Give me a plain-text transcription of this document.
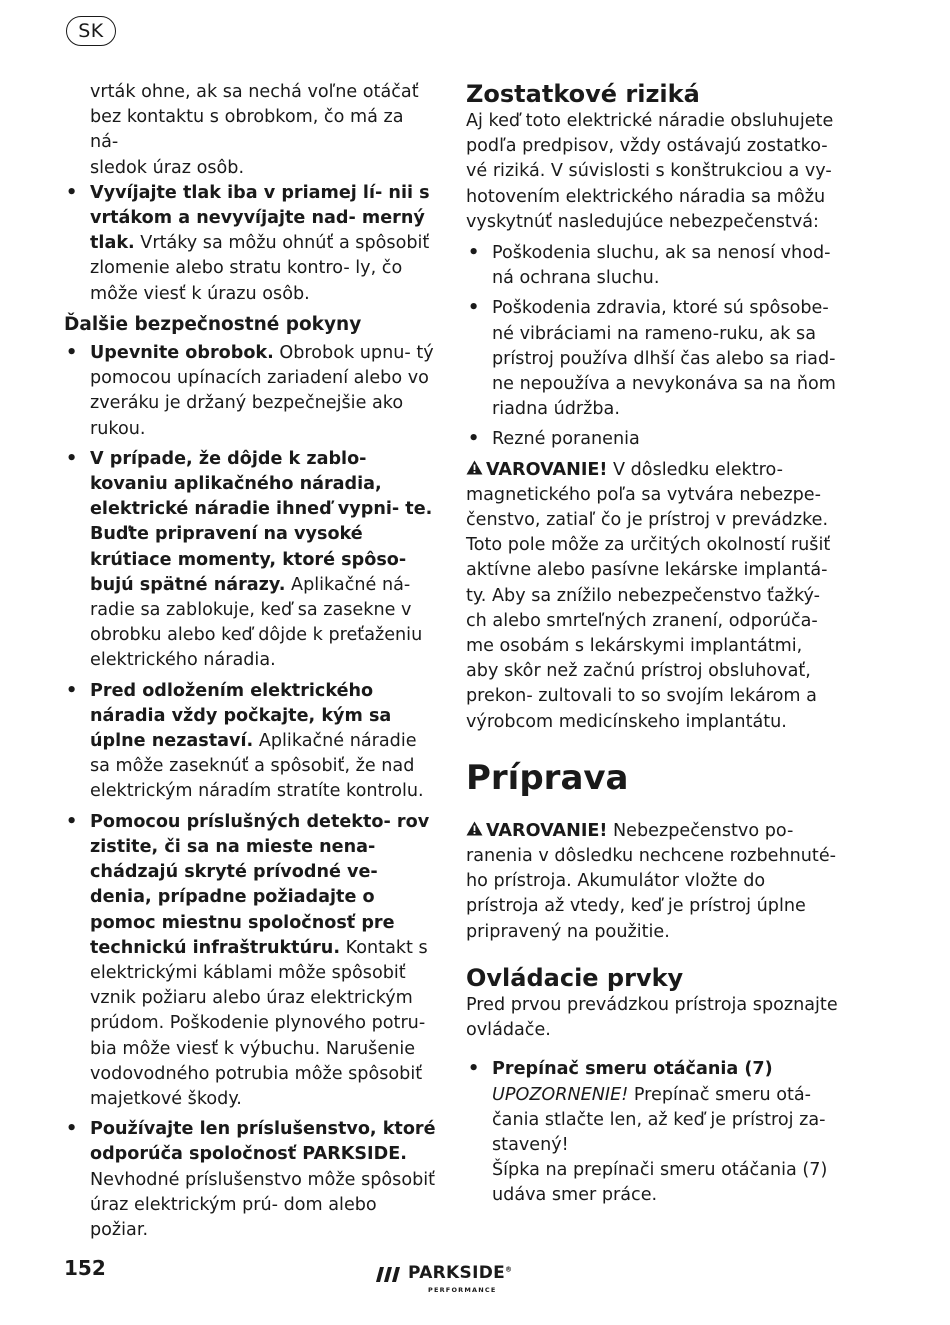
SK

vrták ohne, ak sa nechá voľne otáčať

bez kontaktu s obrobkom, čo má za ná-

sledok úraz osôb.

• Vyvíjajte tlak iba v priamej lí- nii s vrtákom a nevyvíjajte nad- merný tlak. Vrtáky sa môžu ohnúť a spôsobiť zlomenie alebo stratu kontro- ly, čo môže viesť k úrazu osôb.

Ďalšie bezpečnostné pokyny

• Upevnite obrobok. Obrobok upnu- tý pomocou upínacích zariadení alebo vo zveráku je držaný bezpečnejšie ako rukou.
• V prípade, že dôjde k zablo- kovaniu aplikačného náradia, elektrické náradie ihneď vypni- te. Buďte pripravení na vysoké krútiace momenty, ktoré spôso- bujú spätné nárazy. Aplikačné ná- radie sa zablokuje, keď sa zasekne v obrobku alebo keď dôjde k preťaženiu elektrického náradia.
• Pred odložením elektrického náradia vždy počkajte, kým sa úplne nezastaví. Aplikačné náradie sa môže zaseknúť a spôsobiť, že nad elektrickým náradím stratíte kontrolu.
• Pomocou príslušných detekto- rov zistite, či sa na mieste nena- chádzajú skryté prívodné ve- denia, prípadne požiadajte o pomoc miestnu spoločnosť pre technickú infraštruktúru. Kontakt s elektrickými káblami môže spôsobiť vznik požiaru alebo úraz elektrickým prúdom. Poškodenie plynového potru- bia môže viesť k výbuchu. Narušenie vodovodného potrubia môže spôsobiť majetkové škody.
• Používajte len príslušenstvo, ktoré odporúča spoločnosť PARKSIDE. Nevhodné príslušenstvo môže spôsobiť úraz elektrickým prú- dom alebo požiar.

Zostatkové riziká

Aj keď toto elektrické náradie obsluhujete podľa predpisov, vždy ostávajú zostatko- vé riziká. V súvislosti s konštrukciou a vy- hotovením elektrického náradia sa môžu vyskytnúť nasledujúce nebezpečenstvá:

• Poškodenia sluchu, ak sa nenosí vhod- ná ochrana sluchu.
• Poškodenia zdravia, ktoré sú spôsobe- né vibráciami na rameno-ruku, ak sa prístroj používa dlhší čas alebo sa riad- ne nepoužíva a nevykonáva sa na ňom riadna údržba.
• Rezné poranenia

VAROVANIE! V dôsledku elektro- magnetického poľa sa vytvára nebezpe- čenstvo, zatiaľ čo je prístroj v prevádzke. Toto pole môže za určitých okolností rušiť aktívne alebo pasívne lekárske implantá- ty. Aby sa znížilo nebezpečenstvo ťažký- ch alebo smrteľných zranení, odporúča- me osobám s lekárskymi implantátmi, aby skôr než začnú prístroj obsluhovať, prekon- zultovali to so svojím lekárom a výrobcom medicínskeho implantátu.

Príprava

VAROVANIE! Nebezpečenstvo po- ranenia v dôsledku nechcene rozbehnuté- ho prístroja. Akumulátor vložte do prístroja až vtedy, keď je prístroj úplne pripravený na použitie.

Ovládacie prvky

Pred prvou prevádzkou prístroja spoznajte ovládače.

• Prepínač smeru otáčania (7)

UPOZORNENIE! Prepínač smeru otá- čania stlačte len, až keď je prístroj za- stavený!

Šípka na prepínači smeru otáčania (7) udáva smer práce.

152	PARKSIDE®
PERFORMANCE
